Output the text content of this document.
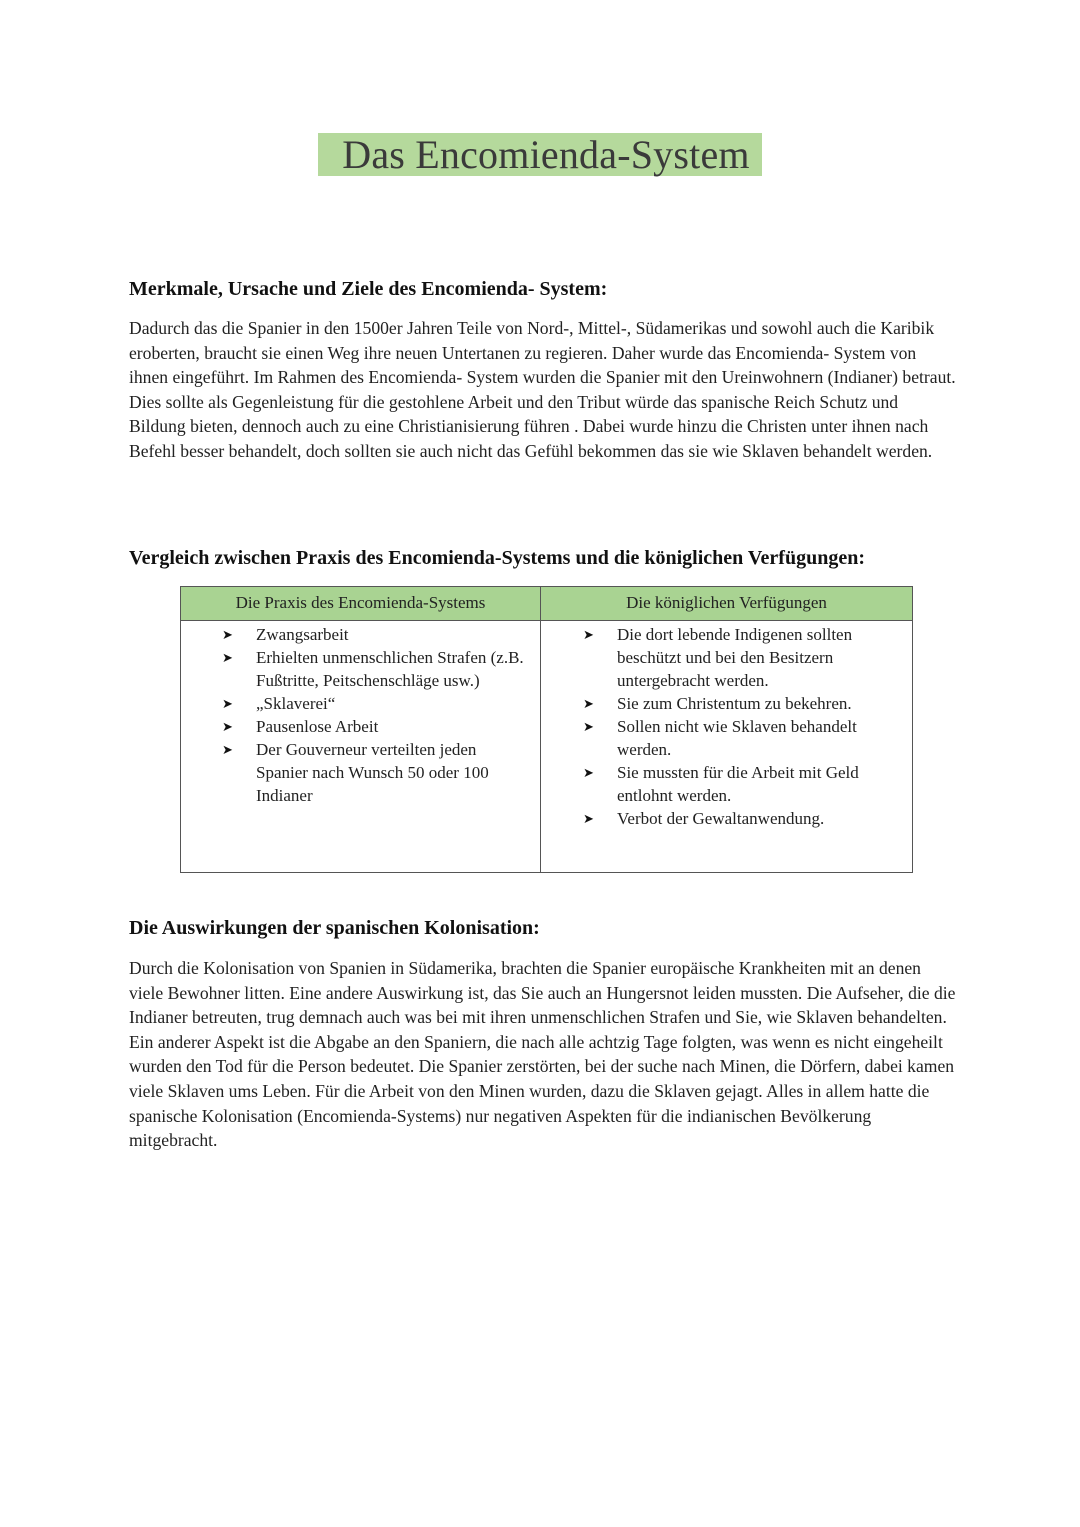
Das Encomienda-System
Merkmale, Ursache und Ziele des Encomienda- System:

Dadurch das die Spanier in den 1500er Jahren Teile von Nord-, Mittel-, Südamerikas und sowohl auch die Karibik eroberten, braucht sie einen Weg ihre neuen Untertanen zu regieren. Daher wurde das Encomienda- System von ihnen eingeführt. Im Rahmen des Encomienda- System wurden die Spanier mit den Ureinwohnern (Indianer) betraut. Dies sollte als Gegenleistung für die gestohlene Arbeit und den Tribut würde das spanische Reich Schutz und Bildung bieten, dennoch auch zu eine Christianisierung führen . Dabei wurde hinzu die Christen unter ihnen nach Befehl besser behandelt, doch sollten sie auch nicht das Gefühl bekommen das sie wie Sklaven behandelt werden.

Vergleich zwischen Praxis des Encomienda-Systems und die königlichen Verfügungen:
Die Praxis des Encomienda-Systems	Die königlichen Verfügungen
➤ Zwangsarbeit
➤ Erhielten unmenschlichen Strafen (z.B. Fußtritte, Peitschenschläge usw.)
➤ „Sklaverei“
➤ Pausenlose Arbeit
➤ Der Gouverneur verteilten jeden Spanier nach Wunsch 50 oder 100 Indianer
➤ Die dort lebende Indigenen sollten beschützt und bei den Besitzern untergebracht werden.
➤ Sie zum Christentum zu bekehren.
➤ Sollen nicht wie Sklaven behandelt werden.
➤ Sie mussten für die Arbeit mit Geld entlohnt werden.
➤ Verbot der Gewaltanwendung.
Die Auswirkungen der spanischen Kolonisation:

Durch die Kolonisation von Spanien in Südamerika, brachten die Spanier europäische Krankheiten mit an denen viele Bewohner litten. Eine andere Auswirkung ist, das Sie auch an Hungersnot leiden mussten. Die Aufseher, die die Indianer betreuten, trug demnach auch was bei mit ihren unmenschlichen Strafen und Sie, wie Sklaven behandelten. Ein anderer Aspekt ist die Abgabe an den Spaniern, die nach alle achtzig Tage folgten, was wenn es nicht eingeheilt wurden den Tod für die Person bedeutet. Die Spanier zerstörten, bei der suche nach Minen, die Dörfern, dabei kamen viele Sklaven ums Leben. Für die Arbeit von den Minen wurden, dazu die Sklaven gejagt. Alles in allem hatte die spanische Kolonisation (Encomienda-Systems) nur negativen Aspekten für die indianischen Bevölkerung mitgebracht.
